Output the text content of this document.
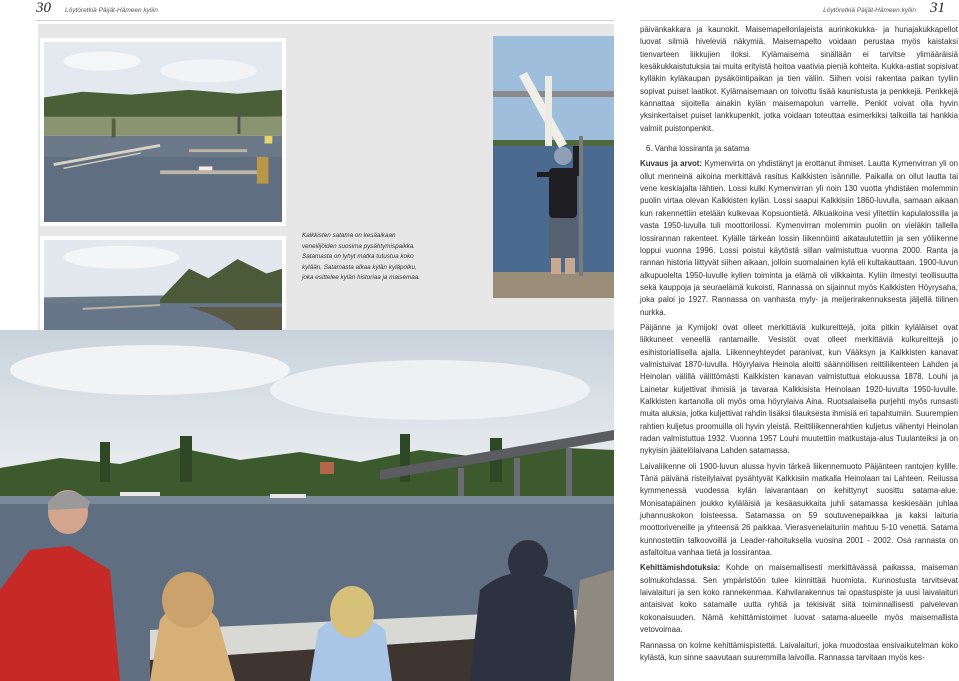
30 Löytöretkiä Päijät-Hämeen kyliin	Löytöretkiä Päijät-Hämeen kyliin 31
Kalkkisten satama on kesäaikaan veneilijöiden suosima pysähtymispaikka. Satamasta on lyhyt matka tutustua koko kylään. Satamasta alkaa kylän kyläpolku, joka esittelee kylän historiaa ja maisemaa.

päivänkakkara ja kaunokit. Maisemapellonlajeista aurinkokukka- ja hunajakukkapellot luovat silmiä hiveleviä näkymiä. Maisemapelto voidaan perustaa myös kaistaksi tienvarteen liikkujien iloksi. Kylämaisema sinällään ei tarvitse ylimääräisiä kesäkukkaistutuksia tai muita erityistä hoitoa vaativia pieniä kohteita. Kukka-astiat sopisivat kylläkin kyläkaupan pysäköintipaikan ja tien väliin. Siihen voisi rakentaa paikan tyyliin sopivat puiset laatikot. Kylämaisemaan on toivottu lisää kaunistusta ja penkkejä. Penkkejä kannattaa sijoitella ainakin kylän maisemapolun varrelle. Penkit voivat olla hyvin yksinkertaiset puiset lankkupenkit, jotka voidaan toteuttaa esimerkiksi talkoilla tai hankkia valmiit puistonpenkit.

6. Vanha lossiranta ja satama

Kuvaus ja arvot: Kymenvirta on yhdistänyt ja erottanut ihmiset. Lautta Kymenvirran yli on ollut menneinä aikoina merkittävä rasitus Kalkkisten isännille. Paikalla on ollut lautta tai vene keskiajalta lähtien. Lossi kulki Kymenvirran yli noin 130 vuotta yhdistäen molemmin puolin virtaa olevan Kalkkisten kylän. Lossi saapui Kalkkisiin 1860-luvulla, samaan aikaan kun rakennettiin etelään kulkevaa Kopsuontietä. Alkuaikoina vesi ylitettiin kapulalossilla ja vasta 1950-luvulla tuli moottorilossi. Kymenvirran molemmin puolin on vieläkin tallella lossirannan rakenteet. Kylälle tärkeän lossin liikennöinti aikataulutettiin ja sen yöliikenne loppui vuonna 1996. Lossi poistui käytöstä sillan valmistuttua vuonna 2000. Ranta ja rannan historia liittyvät siihen aikaan, jolloin suomalainen kylä eli kultakauttaan. 1900-luvun alkupuolelta 1950-luvulle kylien toiminta ja elämä oli vilkkainta. Kyliin ilmestyi teollisuutta sekä kauppoja ja seuraelämä kukoisti. Rannassa on sijainnut myös Kalkkisten Höyrysaha, joka paloi jo 1927. Rannassa on vanhasta myly- ja meijerirakennuksesta jäljellä tiilinen nurkka.

Päijänne ja Kymijoki ovat olleet merkittäviä kulkureittejä, joita pitkin kyläläiset ovat liikkuneet veneellä rantamaille. Vesistöt ovat olleet merkittäviä kulkureittejä jo esihistoriallisella ajalla. Liikenneyhteydet paranivat, kun Vääksyn ja Kalkkisten kanavat valmistuivat 1870-luvulla. Höyrylaiva Heinola aloitti säännöllisen reittiliikenteen Lahden ja Heinolan välillä välittömästi Kalkkisten kanavan valmistuttua elokuussa 1878. Louhi ja Lainetar kuljettivat ihmisiä ja tavaraa Kalkkisista Heinolaan 1920-luvulta 1950-luvulle. Kalkkisten kartanolla oli myös oma höyrylaiva Aina. Ruotsalaisella purjehti myös runsasti muita aluksia, jotka kuljettivat rahdin lisäksi tilauksesta ihmisiä eri tapahtumiin. Suurempien rahtien kuljetus proomuilla oli hyvin yleistä. Reittiliikennerahtien kuljetus vähentyi Heinolan radan valmistuttua 1932. Vuonna 1957 Louhi muutettiin matkustaja-alus Tuulanteiksi ja on nykyisin jäätelölaivana Lahden satamassa.

Laivaliikenne oli 1900-luvun alussa hyvin tärkeä liikennemuoto Päijänteen rantojen kylille. Tänä päivänä risteilylaivat pysähtyvät Kalkkisiin matkalla Heinolaan tai Lahteen. Reilussa kymmenessä vuodessa kylän laivarantaan on kehittynyt suosittu satama-alue. Monisatapäinen joukko kyläläisiä ja kesäasukkaita juhli satamassa keskiesään juhlaa juhannuskokon loisteessa. Satamassa on 59 soutuvenepaikkaa ja kaksi laituria moottoriveneille ja yhteensä 26 paikkaa. Vierasvenelaituriin mahtuu 5-10 venettä. Satama kunnostettiin talkoovoillä ja Leader-rahoituksella vuosina 2001 - 2002. Osa rannasta on asfaltoitua vanhaa tietä ja lossirantaa.

Kehittämishdotuksia: Kohde on maisemallisesti merkittävässä paikassa, maiseman solmukohdassa. Sen ympäristöön tulee kiinnittää huomiota. Kunnostusta tarvitsevat laivalaituri ja sen koko rannekenmaa. Kahvilarakennus tai opastuspiste ja uusi laivalaituri antaisivat koko satamalle uutta ryhtiä ja tekisivät siitä toiminnallisesti palvelevan kokonaisuuden. Nämä kehittämistoimet luovat satama-alueelle myös maisemallista vetovoimaa.

Rannassa on kolme kehittämispistettä. Laivalaituri, joka muodostaa ensivaikutelman koko kylästä, kun sinne saavutaan suuremmilla laivoilla. Rannassa tarvitaan myös kes-
